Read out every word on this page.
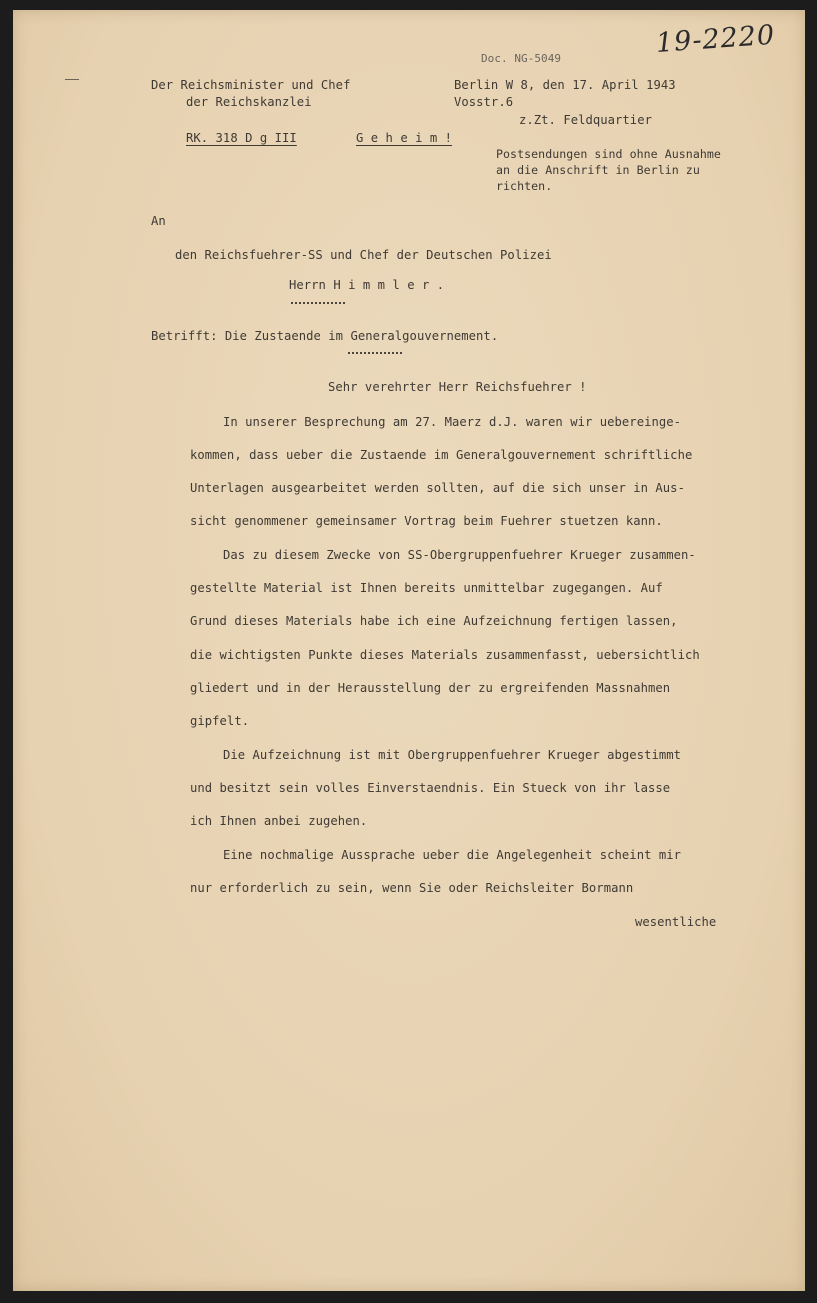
19-2220
Doc. NG-5049
Der Reichsminister und Chef
der Reichskanzlei
Berlin W 8, den 17. April 1943
Vosstr.6
z.Zt. Feldquartier
RK. 318 D g III	G e h e i m !
Postsendungen sind ohne Ausnahme
an die Anschrift in Berlin zu
richten.
An
den Reichsfuehrer-SS und Chef der Deutschen Polizei
Herrn H i m m l e r .
Betrifft: Die Zustaende im Generalgouvernement.
Sehr verehrter Herr Reichsfuehrer !
In unserer Besprechung am 27. Maerz d.J. waren wir uebereinge-
kommen, dass ueber die Zustaende im Generalgouvernement schriftliche
Unterlagen ausgearbeitet werden sollten, auf die sich unser in Aus-
sicht genommener gemeinsamer Vortrag beim Fuehrer stuetzen kann.
Das zu diesem Zwecke von SS-Obergruppenfuehrer Krueger zusammen-
gestellte Material ist Ihnen bereits unmittelbar zugegangen. Auf
Grund dieses Materials habe ich eine Aufzeichnung fertigen lassen,
die wichtigsten Punkte dieses Materials zusammenfasst, uebersichtlich
gliedert und in der Herausstellung der zu ergreifenden Massnahmen
gipfelt.
Die Aufzeichnung ist mit Obergruppenfuehrer Krueger abgestimmt
und besitzt sein volles Einverstaendnis. Ein Stueck von ihr lasse
ich Ihnen anbei zugehen.
Eine nochmalige Aussprache ueber die Angelegenheit scheint mir
nur erforderlich zu sein, wenn Sie oder Reichsleiter Bormann
wesentliche
